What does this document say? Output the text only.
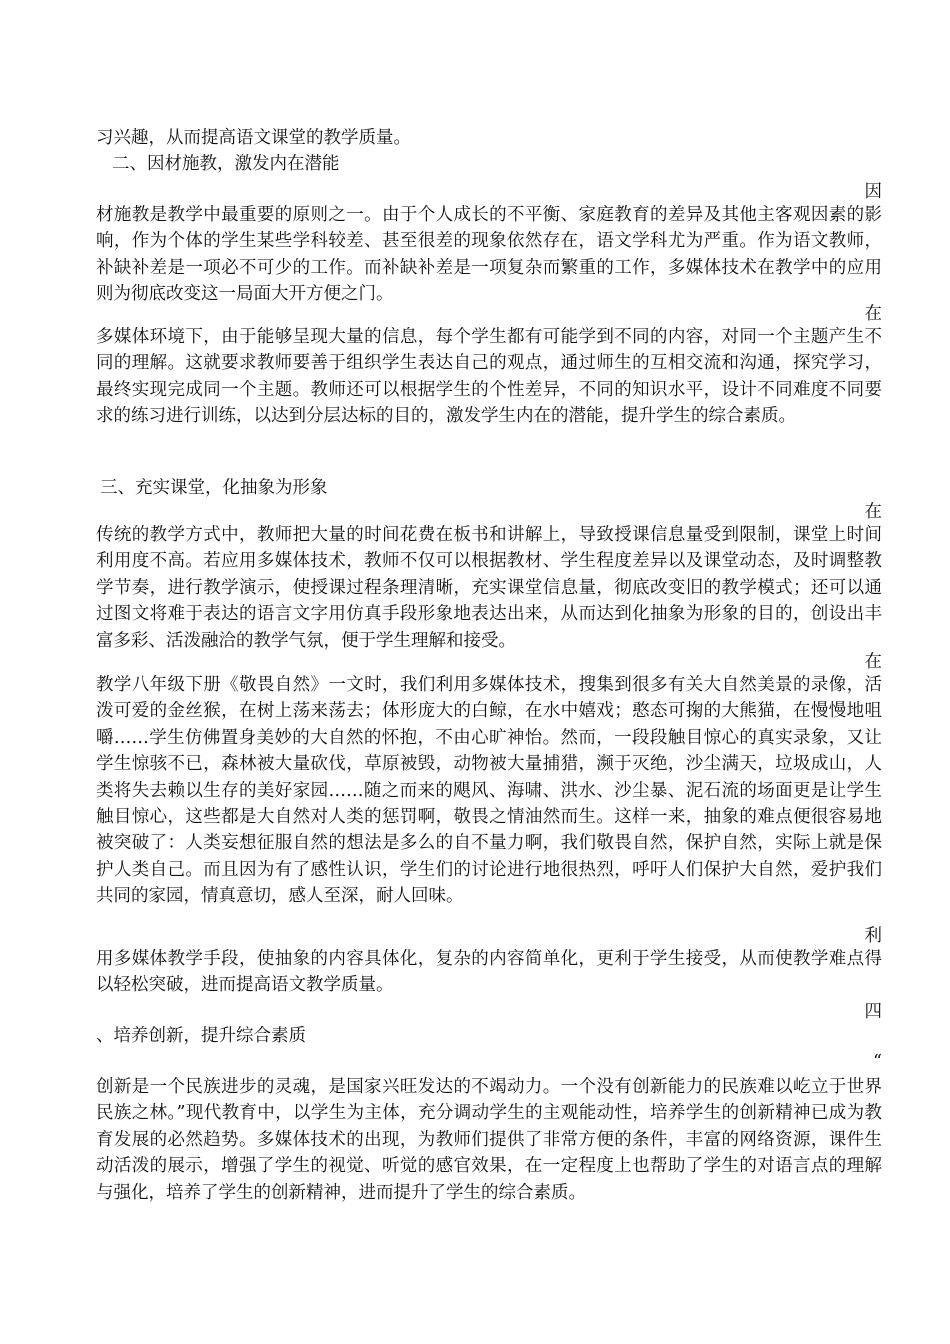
习兴趣，从而提高语文课堂的教学质量。

二、因材施教，激发内在潜能

因

材施教是教学中最重要的原则之一。由于个人成长的不平衡、家庭教育的差异及其他主客观因素的影响，作为个体的学生某些学科较差、甚至很差的现象依然存在，语文学科尤为严重。作为语文教师，补缺补差是一项必不可少的工作。而补缺补差是一项复杂而繁重的工作，多媒体技术在教学中的应用则为彻底改变这一局面大开方便之门。

在

多媒体环境下，由于能够呈现大量的信息，每个学生都有可能学到不同的内容，对同一个主题产生不同的理解。这就要求教师要善于组织学生表达自己的观点，通过师生的互相交流和沟通，探究学习，最终实现完成同一个主题。教师还可以根据学生的个性差异，不同的知识水平，设计不同难度不同要求的练习进行训练，以达到分层达标的目的，激发学生内在的潜能，提升学生的综合素质。

三、充实课堂，化抽象为形象

在

传统的教学方式中，教师把大量的时间花费在板书和讲解上，导致授课信息量受到限制，课堂上时间利用度不高。若应用多媒体技术，教师不仅可以根据教材、学生程度差异以及课堂动态，及时调整教学节奏，进行教学演示，使授课过程条理清晰，充实课堂信息量，彻底改变旧的教学模式；还可以通过图文将难于表达的语言文字用仿真手段形象地表达出来，从而达到化抽象为形象的目的，创设出丰富多彩、活泼融洽的教学气氛，便于学生理解和接受。

在

教学八年级下册《敬畏自然》一文时，我们利用多媒体技术，搜集到很多有关大自然美景的录像，活泼可爱的金丝猴，在树上荡来荡去；体形庞大的白鲸，在水中嬉戏；憨态可掬的大熊猫，在慢慢地咀嚼……学生仿佛置身美妙的大自然的怀抱，不由心旷神怡。然而，一段段触目惊心的真实录象，又让学生惊骇不已，森林被大量砍伐，草原被毁，动物被大量捕猎，濒于灭绝，沙尘满天，垃圾成山，人类将失去赖以生存的美好家园……随之而来的飓风、海啸、洪水、沙尘暴、泥石流的场面更是让学生触目惊心，这些都是大自然对人类的惩罚啊，敬畏之情油然而生。这样一来，抽象的难点便很容易地被突破了：人类妄想征服自然的想法是多么的自不量力啊，我们敬畏自然，保护自然，实际上就是保护人类自己。而且因为有了感性认识，学生们的讨论进行地很热烈，呼吁人们保护大自然，爱护我们共同的家园，情真意切，感人至深，耐人回味。

利

用多媒体教学手段，使抽象的内容具体化，复杂的内容简单化，更利于学生接受，从而使教学难点得以轻松突破，进而提高语文教学质量。

四

、培养创新，提升综合素质

“

创新是一个民族进步的灵魂，是国家兴旺发达的不竭动力。一个没有创新能力的民族难以屹立于世界民族之林。”现代教育中，以学生为主体，充分调动学生的主观能动性，培养学生的创新精神已成为教育发展的必然趋势。多媒体技术的出现，为教师们提供了非常方便的条件，丰富的网络资源，课件生动活泼的展示，增强了学生的视觉、听觉的感官效果，在一定程度上也帮助了学生的对语言点的理解与强化，培养了学生的创新精神，进而提升了学生的综合素质。
